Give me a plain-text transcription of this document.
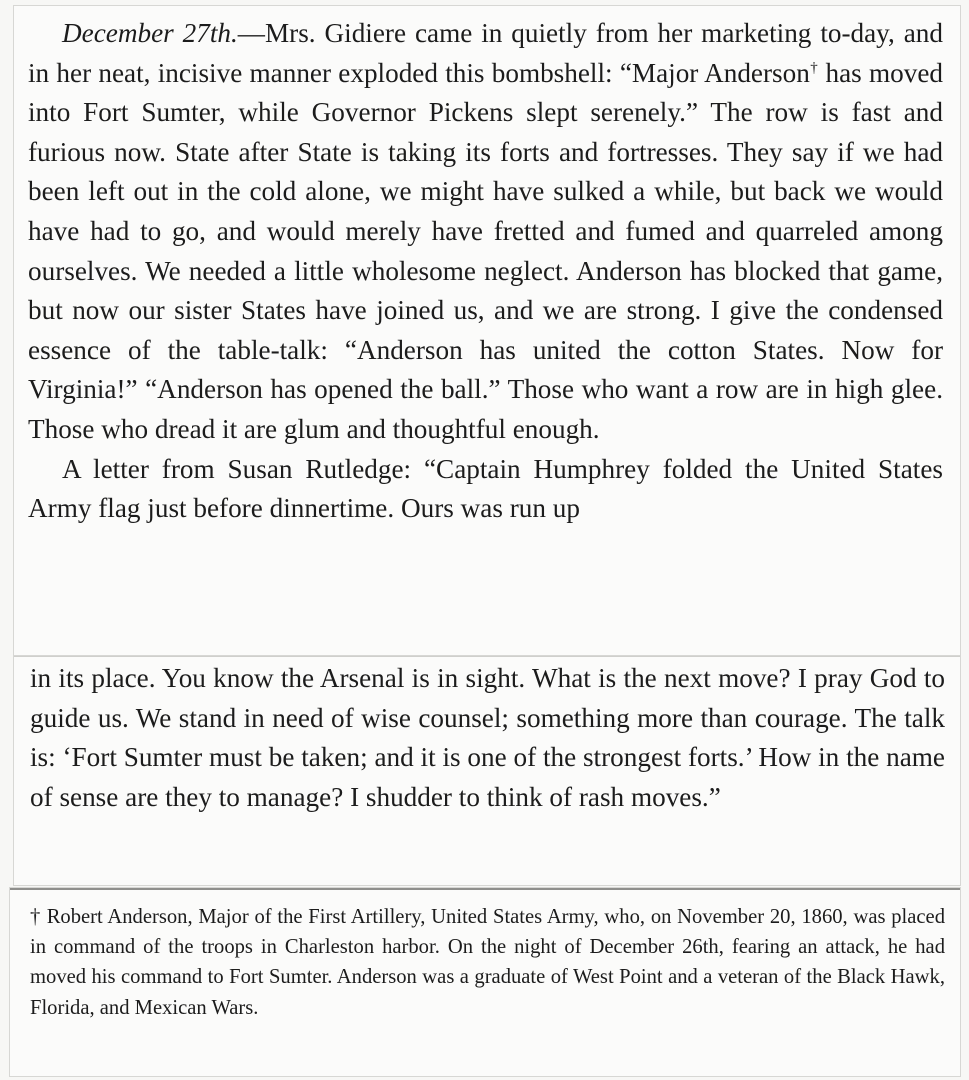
December 27th.—Mrs. Gidiere came in quietly from her marketing to-day, and in her neat, incisive manner exploded this bombshell: “Major Anderson† has moved into Fort Sumter, while Governor Pickens slept serenely.” The row is fast and furious now. State after State is taking its forts and fortresses. They say if we had been left out in the cold alone, we might have sulked a while, but back we would have had to go, and would merely have fretted and fumed and quarreled among ourselves. We needed a little wholesome neglect. Anderson has blocked that game, but now our sister States have joined us, and we are strong. I give the condensed essence of the table-talk: “Anderson has united the cotton States. Now for Virginia!” “Anderson has opened the ball.” Those who want a row are in high glee. Those who dread it are glum and thoughtful enough.

A letter from Susan Rutledge: “Captain Humphrey folded the United States Army flag just before dinnertime. Ours was run up

in its place. You know the Arsenal is in sight. What is the next move? I pray God to guide us. We stand in need of wise counsel; something more than courage. The talk is: ‘Fort Sumter must be taken; and it is one of the strongest forts.’ How in the name of sense are they to manage? I shudder to think of rash moves.”

† Robert Anderson, Major of the First Artillery, United States Army, who, on November 20, 1860, was placed in command of the troops in Charleston harbor. On the night of December 26th, fearing an attack, he had moved his command to Fort Sumter. Anderson was a graduate of West Point and a veteran of the Black Hawk, Florida, and Mexican Wars.
